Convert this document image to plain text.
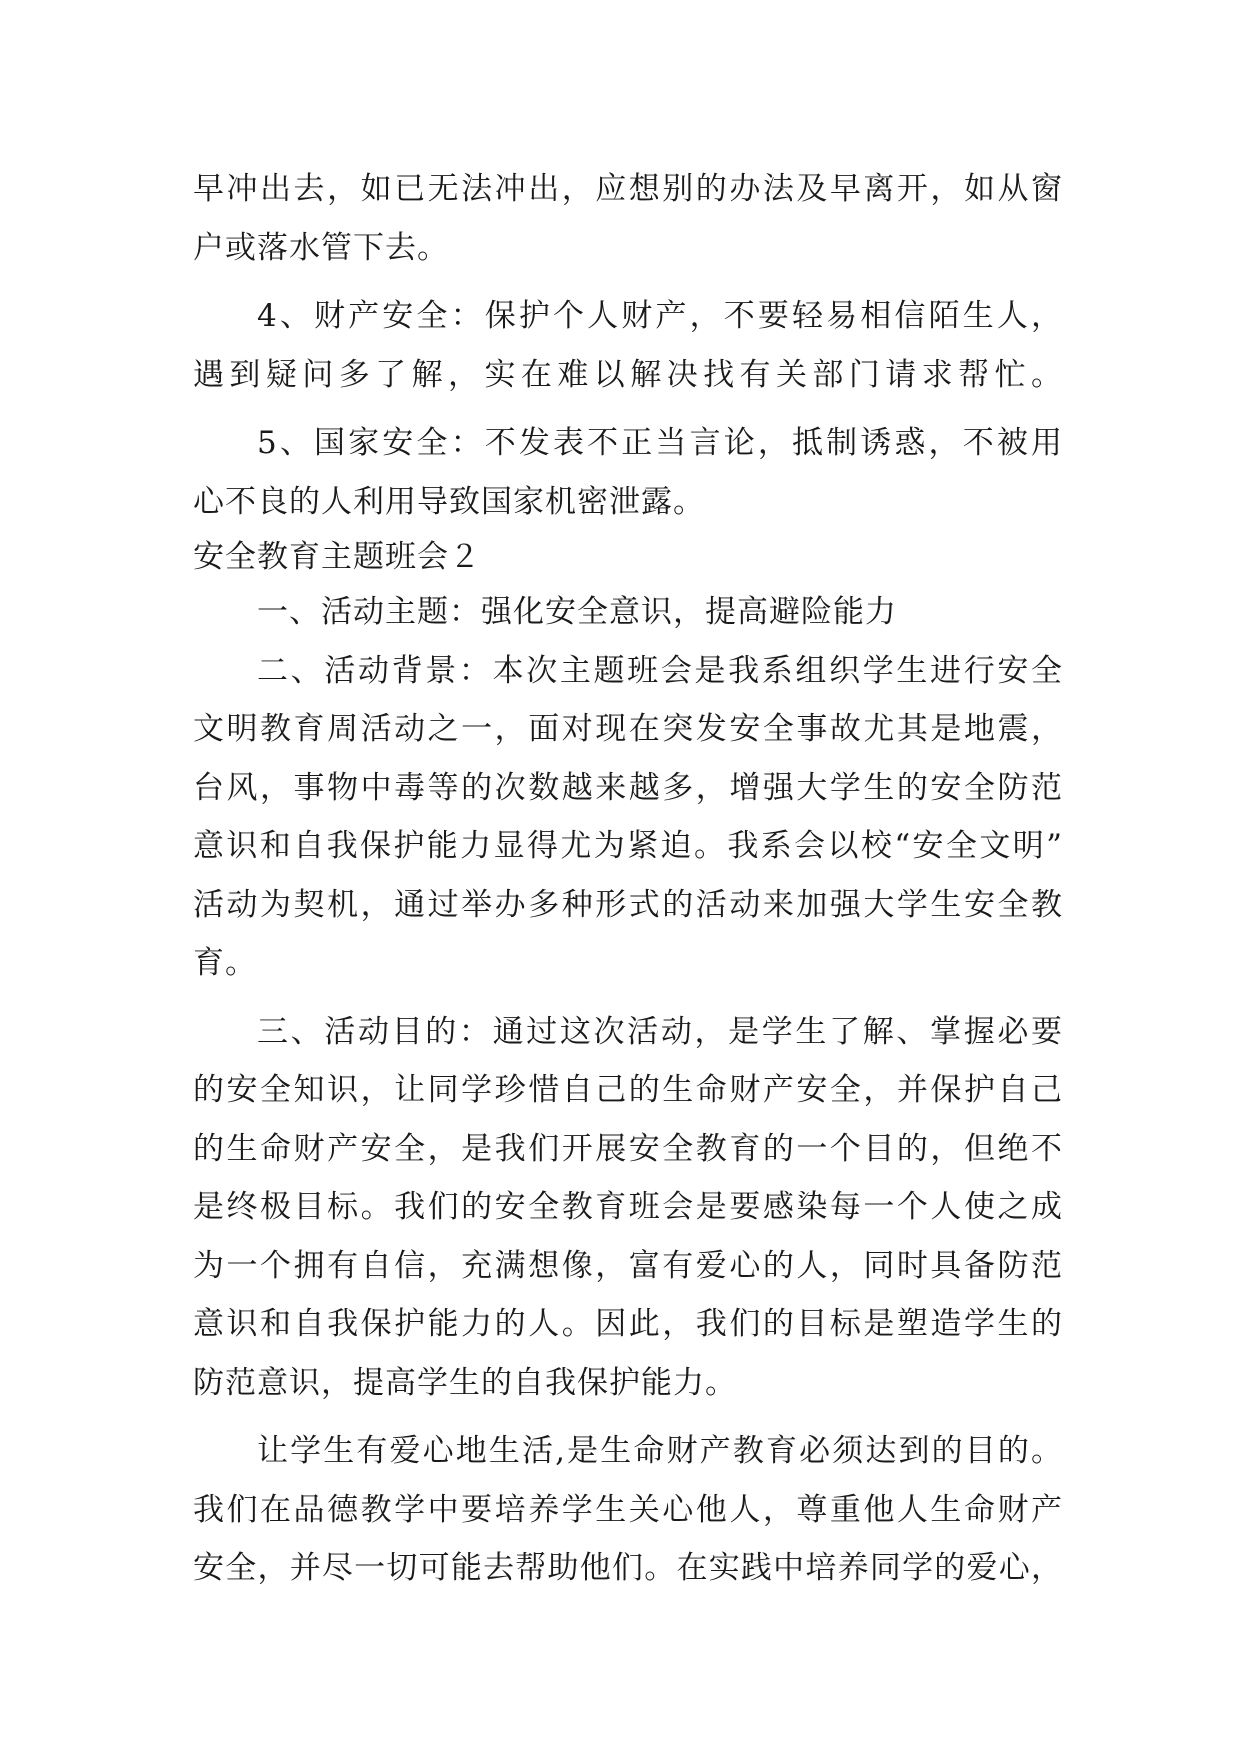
早冲出去，如已无法冲出，应想别的办法及早离开，如从窗
户或落水管下去。
4、财产安全：保护个人财产，不要轻易相信陌生人，
遇到疑问多了解，实在难以解决找有关部门请求帮忙。
5、国家安全：不发表不正当言论，抵制诱惑，不被用
心不良的人利用导致国家机密泄露。
安全教育主题班会２
一、活动主题：强化安全意识，提高避险能力
二、活动背景：本次主题班会是我系组织学生进行安全
文明教育周活动之一，面对现在突发安全事故尤其是地震，
台风，事物中毒等的次数越来越多，增强大学生的安全防范
意识和自我保护能力显得尤为紧迫。我系会以校“安全文明”
活动为契机，通过举办多种形式的活动来加强大学生安全教
育。
三、活动目的：通过这次活动，是学生了解、掌握必要
的安全知识，让同学珍惜自己的生命财产安全，并保护自己
的生命财产安全，是我们开展安全教育的一个目的，但绝不
是终极目标。我们的安全教育班会是要感染每一个人使之成
为一个拥有自信，充满想像，富有爱心的人，同时具备防范
意识和自我保护能力的人。因此，我们的目标是塑造学生的
防范意识，提高学生的自我保护能力。
让学生有爱心地生活,是生命财产教育必须达到的目的。
我们在品德教学中要培养学生关心他人，尊重他人生命财产
安全，并尽一切可能去帮助他们。在实践中培养同学的爱心，
